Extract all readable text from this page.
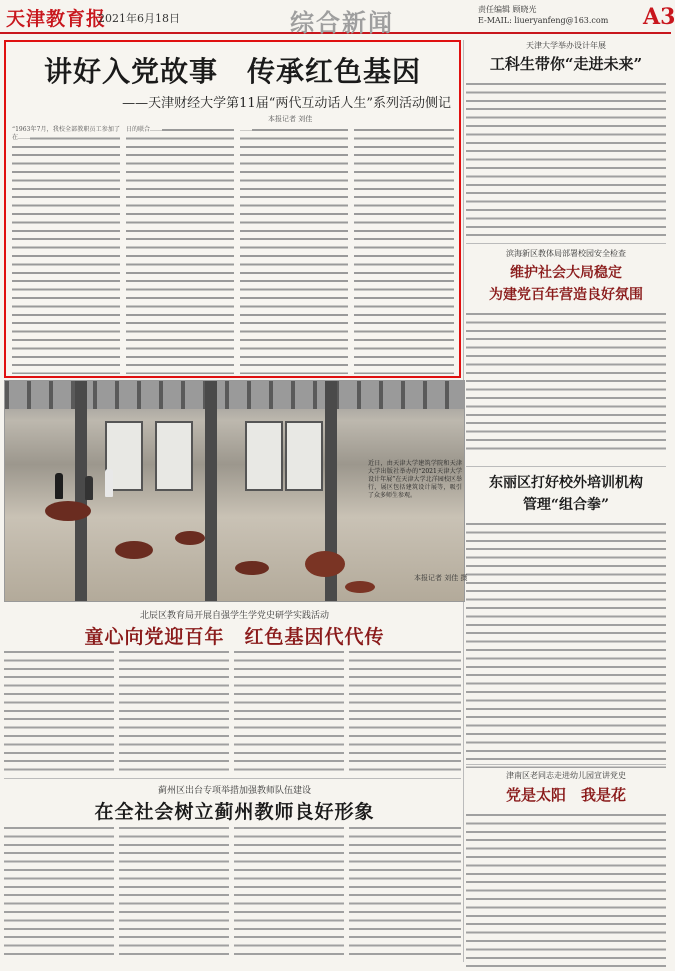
天津教育报
2021年6月18日	综合新闻	责任编辑 顾晓光
E-MAIL: liueryanfeng@163.com A3
讲好入党故事　传承红色基因
——天津财经大学第11届“两代互动话人生”系列活动侧记
本报记者 刘佳
“1963年7月，我校全部教职员工参加了在……
日的联合……	……
天津大学举办设计年展
工科生带你“走进未来”
滨海新区教体局部署校园安全检查
维护社会大局稳定
为建党百年营造良好氛围
东丽区打好校外培训机构
管理“组合拳”
津南区老同志走进幼儿园宣讲党史
党是太阳　我是花
近日，由天津大学建筑学院和天津大学出版社举办的“2021天津大学设计年展”在天津大学北洋园校区举行，展区包括建筑设计展等，吸引了众多师生参观。
本报记者 刘佳 摄
北辰区教育局开展自强学生学党史研学实践活动
童心向党迎百年　红色基因代代传
蓟州区出台专项举措加强教师队伍建设
在全社会树立蓟州教师良好形象
